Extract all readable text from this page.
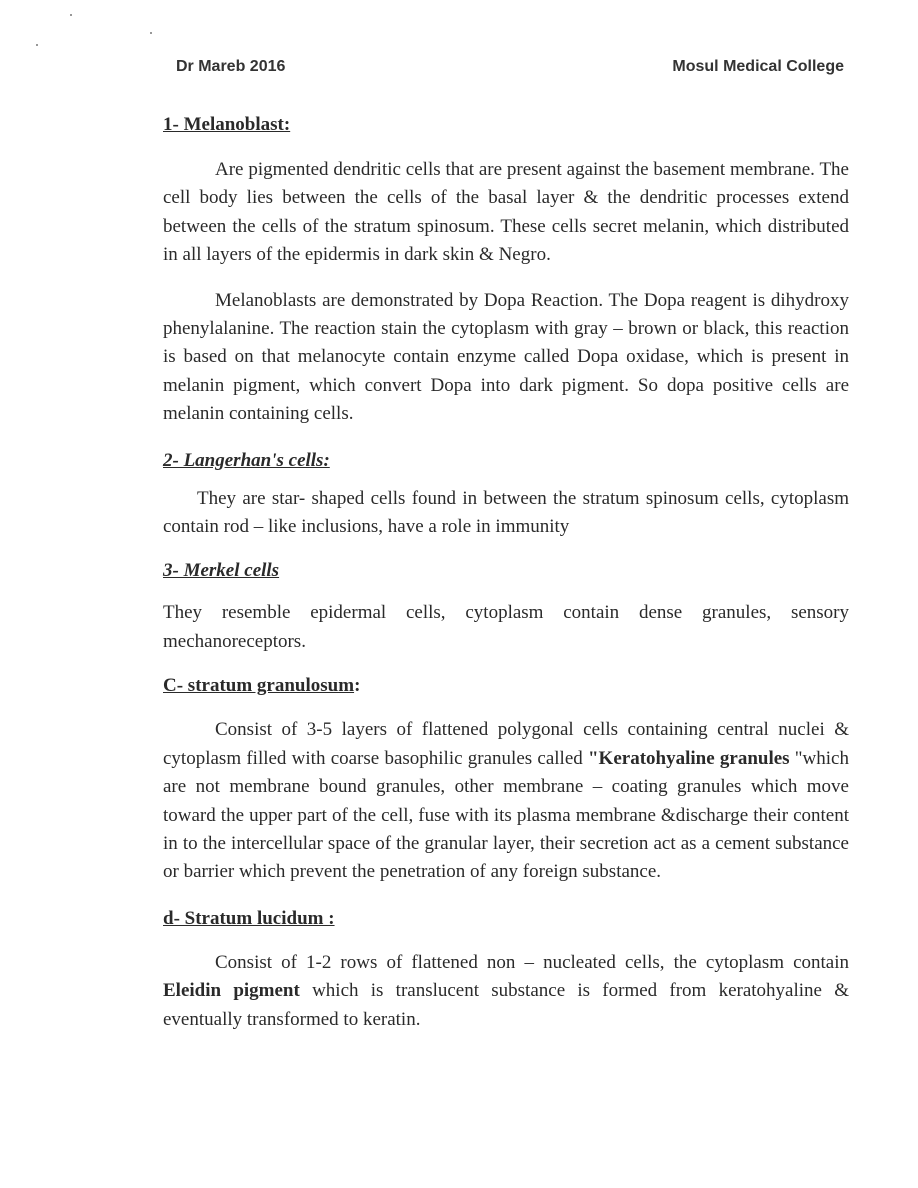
Dr Mareb 2016	Mosul Medical College
1- Melanoblast:

Are pigmented dendritic cells that are present against the basement membrane. The cell body lies between the cells of the basal layer & the dendritic processes extend between the cells of the stratum spinosum. These cells secret melanin, which distributed in all layers of the epidermis in dark skin & Negro.

Melanoblasts are demonstrated by Dopa Reaction. The Dopa reagent is dihydroxy phenylalanine. The reaction stain the cytoplasm with gray – brown or black, this reaction is based on that melanocyte contain enzyme called Dopa oxidase, which is present in melanin pigment, which convert Dopa into dark pigment. So dopa positive cells are melanin containing cells.

2- Langerhan's cells:

They are star- shaped cells found in between the stratum spinosum cells, cytoplasm contain rod – like inclusions, have a role in immunity

3- Merkel cells

They resemble epidermal cells, cytoplasm contain dense granules, sensory mechanoreceptors.

C- stratum granulosum:

Consist of 3-5 layers of flattened polygonal cells containing central nuclei & cytoplasm filled with coarse basophilic granules called "Keratohyaline granules "which are not membrane bound granules, other membrane – coating granules which move toward the upper part of the cell, fuse with its plasma membrane &discharge their content in to the intercellular space of the granular layer, their secretion act as a cement substance or barrier which prevent the penetration of any foreign substance.

d- Stratum lucidum :

Consist of 1-2 rows of flattened non – nucleated cells, the cytoplasm contain Eleidin pigment which is translucent substance is formed from keratohyaline & eventually transformed to keratin.
